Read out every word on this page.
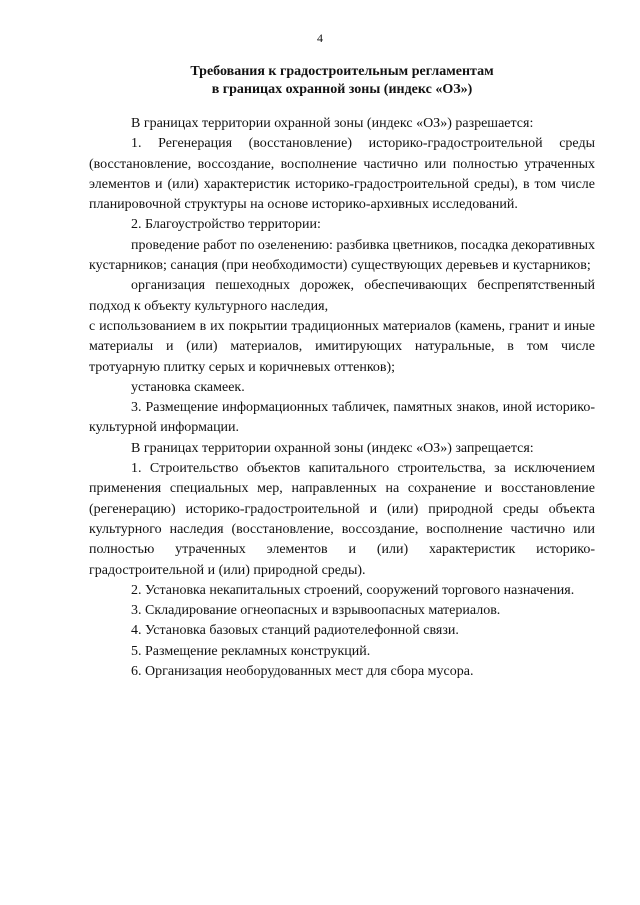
4
Требования к градостроительным регламентам
в границах охранной зоны (индекс «ОЗ»)

В границах территории охранной зоны (индекс «ОЗ») разрешается:

1. Регенерация (восстановление) историко-градостроительной среды (восстановление, воссоздание, восполнение частично или полностью утраченных элементов и (или) характеристик историко-градостроительной среды), в том числе планировочной структуры на основе историко-архивных исследований.

2. Благоустройство территории:

проведение работ по озеленению: разбивка цветников, посадка декоративных кустарников; санация (при необходимости) существующих деревьев и кустарников;

организация пешеходных дорожек, обеспечивающих беспрепятственный подход к объекту культурного наследия,

с использованием в их покрытии традиционных материалов (камень, гранит и иные материалы и (или) материалов, имитирующих натуральные, в том числе тротуарную плитку серых и коричневых оттенков);

установка скамеек.

3. Размещение информационных табличек, памятных знаков, иной историко-культурной информации.

В границах территории охранной зоны (индекс «ОЗ») запрещается:

1. Строительство объектов капитального строительства, за исключением применения специальных мер, направленных на сохранение и восстановление (регенерацию) историко-градостроительной и (или) природной среды объекта культурного наследия (восстановление, воссоздание, восполнение частично или полностью утраченных элементов и (или) характеристик историко-градостроительной и (или) природной среды).

2. Установка некапитальных строений, сооружений торгового назначения.

3. Складирование огнеопасных и взрывоопасных материалов.

4. Установка базовых станций радиотелефонной связи.

5. Размещение рекламных конструкций.

6. Организация необорудованных мест для сбора мусора.
